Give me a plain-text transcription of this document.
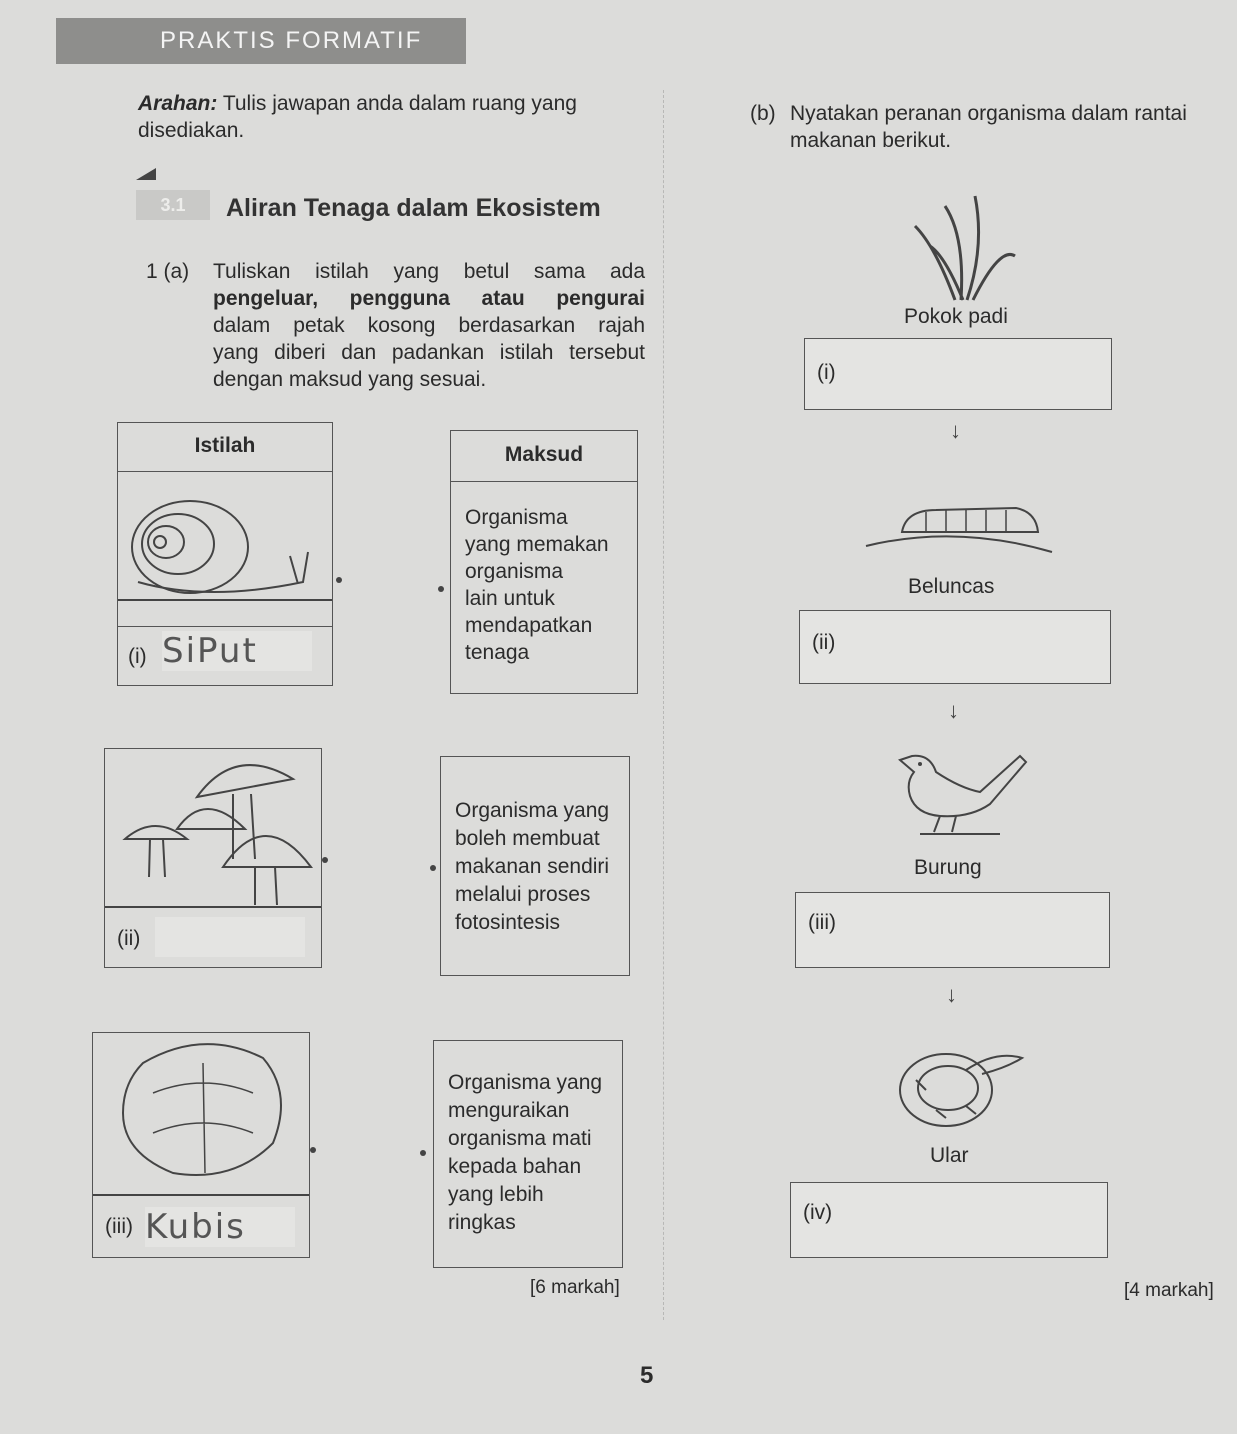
PRAKTIS FORMATIF
Arahan: Tulis jawapan anda dalam ruang yang
disediakan.
3.1	Aliran Tenaga dalam Ekosistem
1 (a) Tuliskan istilah yang betul sama ada
pengeluar, pengguna atau pengurai
dalam petak kosong berdasarkan rajah
yang diberi dan padankan istilah tersebut
dengan maksud yang sesuai.
Istilah
(i) SiPut
Maksud
Organisma
yang memakan
organisma
lain untuk
mendapatkan
tenaga
(ii)
Organisma yang
boleh membuat
makanan sendiri
melalui proses
fotosintesis
(iii) Kubis
Organisma yang
menguraikan
organisma mati
kepada bahan
yang lebih
ringkas
[6 markah]
(b) Nyatakan peranan organisma dalam rantai
makanan berikut.
Pokok padi
(i)
↓
Beluncas
(ii)
↓
Burung
(iii)
↓
Ular
(iv)
[4 markah]
5
